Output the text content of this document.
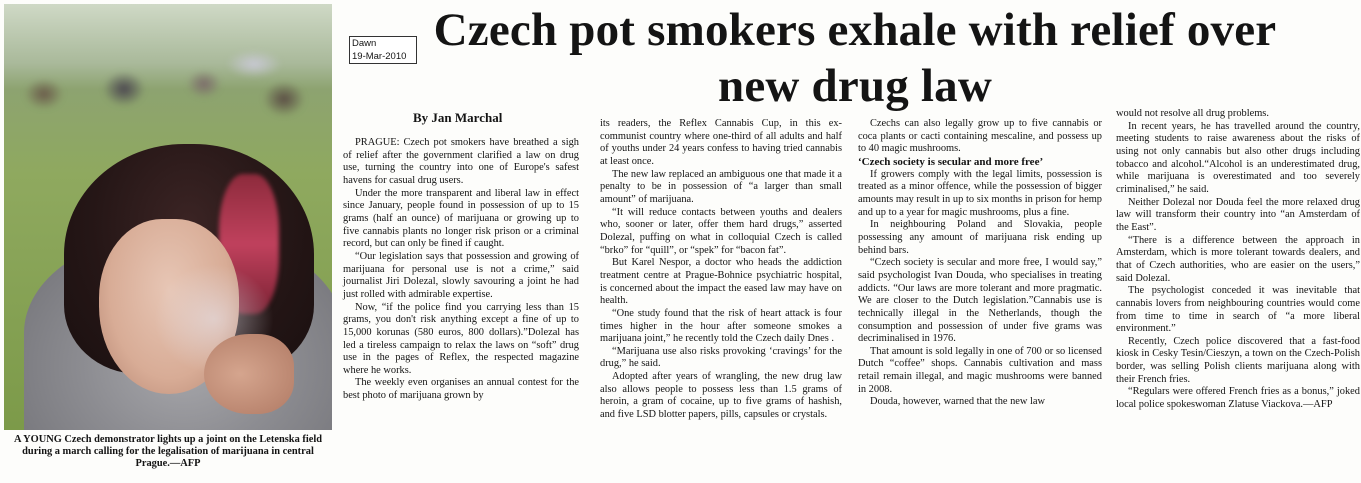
A YOUNG Czech demonstrator lights up a joint on the Letenska field during a march calling for the legalisation of marijuana in central Prague.—AFP
Dawn
19-Mar-2010
Czech pot smokers exhale with relief over new drug law
By Jan Marchal

PRAGUE: Czech pot smokers have breathed a sigh of relief after the government clarified a law on drug use, turning the country into one of Europe's safest havens for casual drug users.

Under the more transparent and liberal law in effect since January, people found in possession of up to 15 grams (half an ounce) of marijuana or growing up to five cannabis plants no longer risk prison or a criminal record, but can only be fined if caught.

“Our legislation says that possession and growing of marijuana for personal use is not a crime,” said journalist Jiri Dolezal, slowly savouring a joint he had just rolled with admirable expertise.

Now, “if the police find you carrying less than 15 grams, you don't risk anything except a fine of up to 15,000 korunas (580 euros, 800 dollars).”Dolezal has led a tireless campaign to relax the laws on “soft” drug use in the pages of Reflex, the respected magazine where he works.

The weekly even organises an annual contest for the best photo of marijuana grown by

its readers, the Reflex Cannabis Cup, in this ex-communist country where one-third of all adults and half of youths under 24 years confess to having tried cannabis at least once.

The new law replaced an ambiguous one that made it a penalty to be in possession of “a larger than small amount” of marijuana.

“It will reduce contacts between youths and dealers who, sooner or later, offer them hard drugs,” asserted Dolezal, puffing on what in colloquial Czech is called “brko” for “quill”, or “spek” for “bacon fat”.

But Karel Nespor, a doctor who heads the addiction treatment centre at Prague-Bohnice psychiatric hospital, is concerned about the impact the eased law may have on health.

“One study found that the risk of heart attack is four times higher in the hour after someone smokes a marijuana joint,” he recently told the Czech daily Dnes .

“Marijuana use also risks provoking ‘cravings’ for the drug,” he said.

Adopted after years of wrangling, the new drug law also allows people to possess less than 1.5 grams of heroin, a gram of cocaine, up to five grams of hashish, and five LSD blotter papers, pills, capsules or crystals.

Czechs can also legally grow up to five cannabis or coca plants or cacti containing mescaline, and possess up to 40 magic mushrooms.

‘Czech society is secular and more free’

If growers comply with the legal limits, possession is treated as a minor offence, while the possession of bigger amounts may result in up to six months in prison for hemp and up to a year for magic mushrooms, plus a fine.

In neighbouring Poland and Slovakia, people possessing any amount of marijuana risk ending up behind bars.

“Czech society is secular and more free, I would say,” said psychologist Ivan Douda, who specialises in treating addicts. “Our laws are more tolerant and more pragmatic. We are closer to the Dutch legislation.”Cannabis use is technically illegal in the Netherlands, though the consumption and possession of under five grams was decriminalised in 1976.

That amount is sold legally in one of 700 or so licensed Dutch “coffee” shops. Cannabis cultivation and mass retail remain illegal, and magic mushrooms were banned in 2008.

Douda, however, warned that the new law

would not resolve all drug problems.

In recent years, he has travelled around the country, meeting students to raise awareness about the risks of using not only cannabis but also other drugs including tobacco and alcohol.“Alcohol is an underestimated drug, while marijuana is overestimated and too severely criminalised,” he said.

Neither Dolezal nor Douda feel the more relaxed drug law will transform their country into “an Amsterdam of the East”.

“There is a difference between the approach in Amsterdam, which is more tolerant towards dealers, and that of Czech authorities, who are easier on the users,” said Dolezal.

The psychologist conceded it was inevitable that cannabis lovers from neighbouring countries would come from time to time in search of “a more liberal environment.”

Recently, Czech police discovered that a fast-food kiosk in Cesky Tesin/Cieszyn, a town on the Czech-Polish border, was selling Polish clients marijuana along with their French fries.

“Regulars were offered French fries as a bonus,” joked local police spokeswoman Zlatuse Viackova.—AFP
